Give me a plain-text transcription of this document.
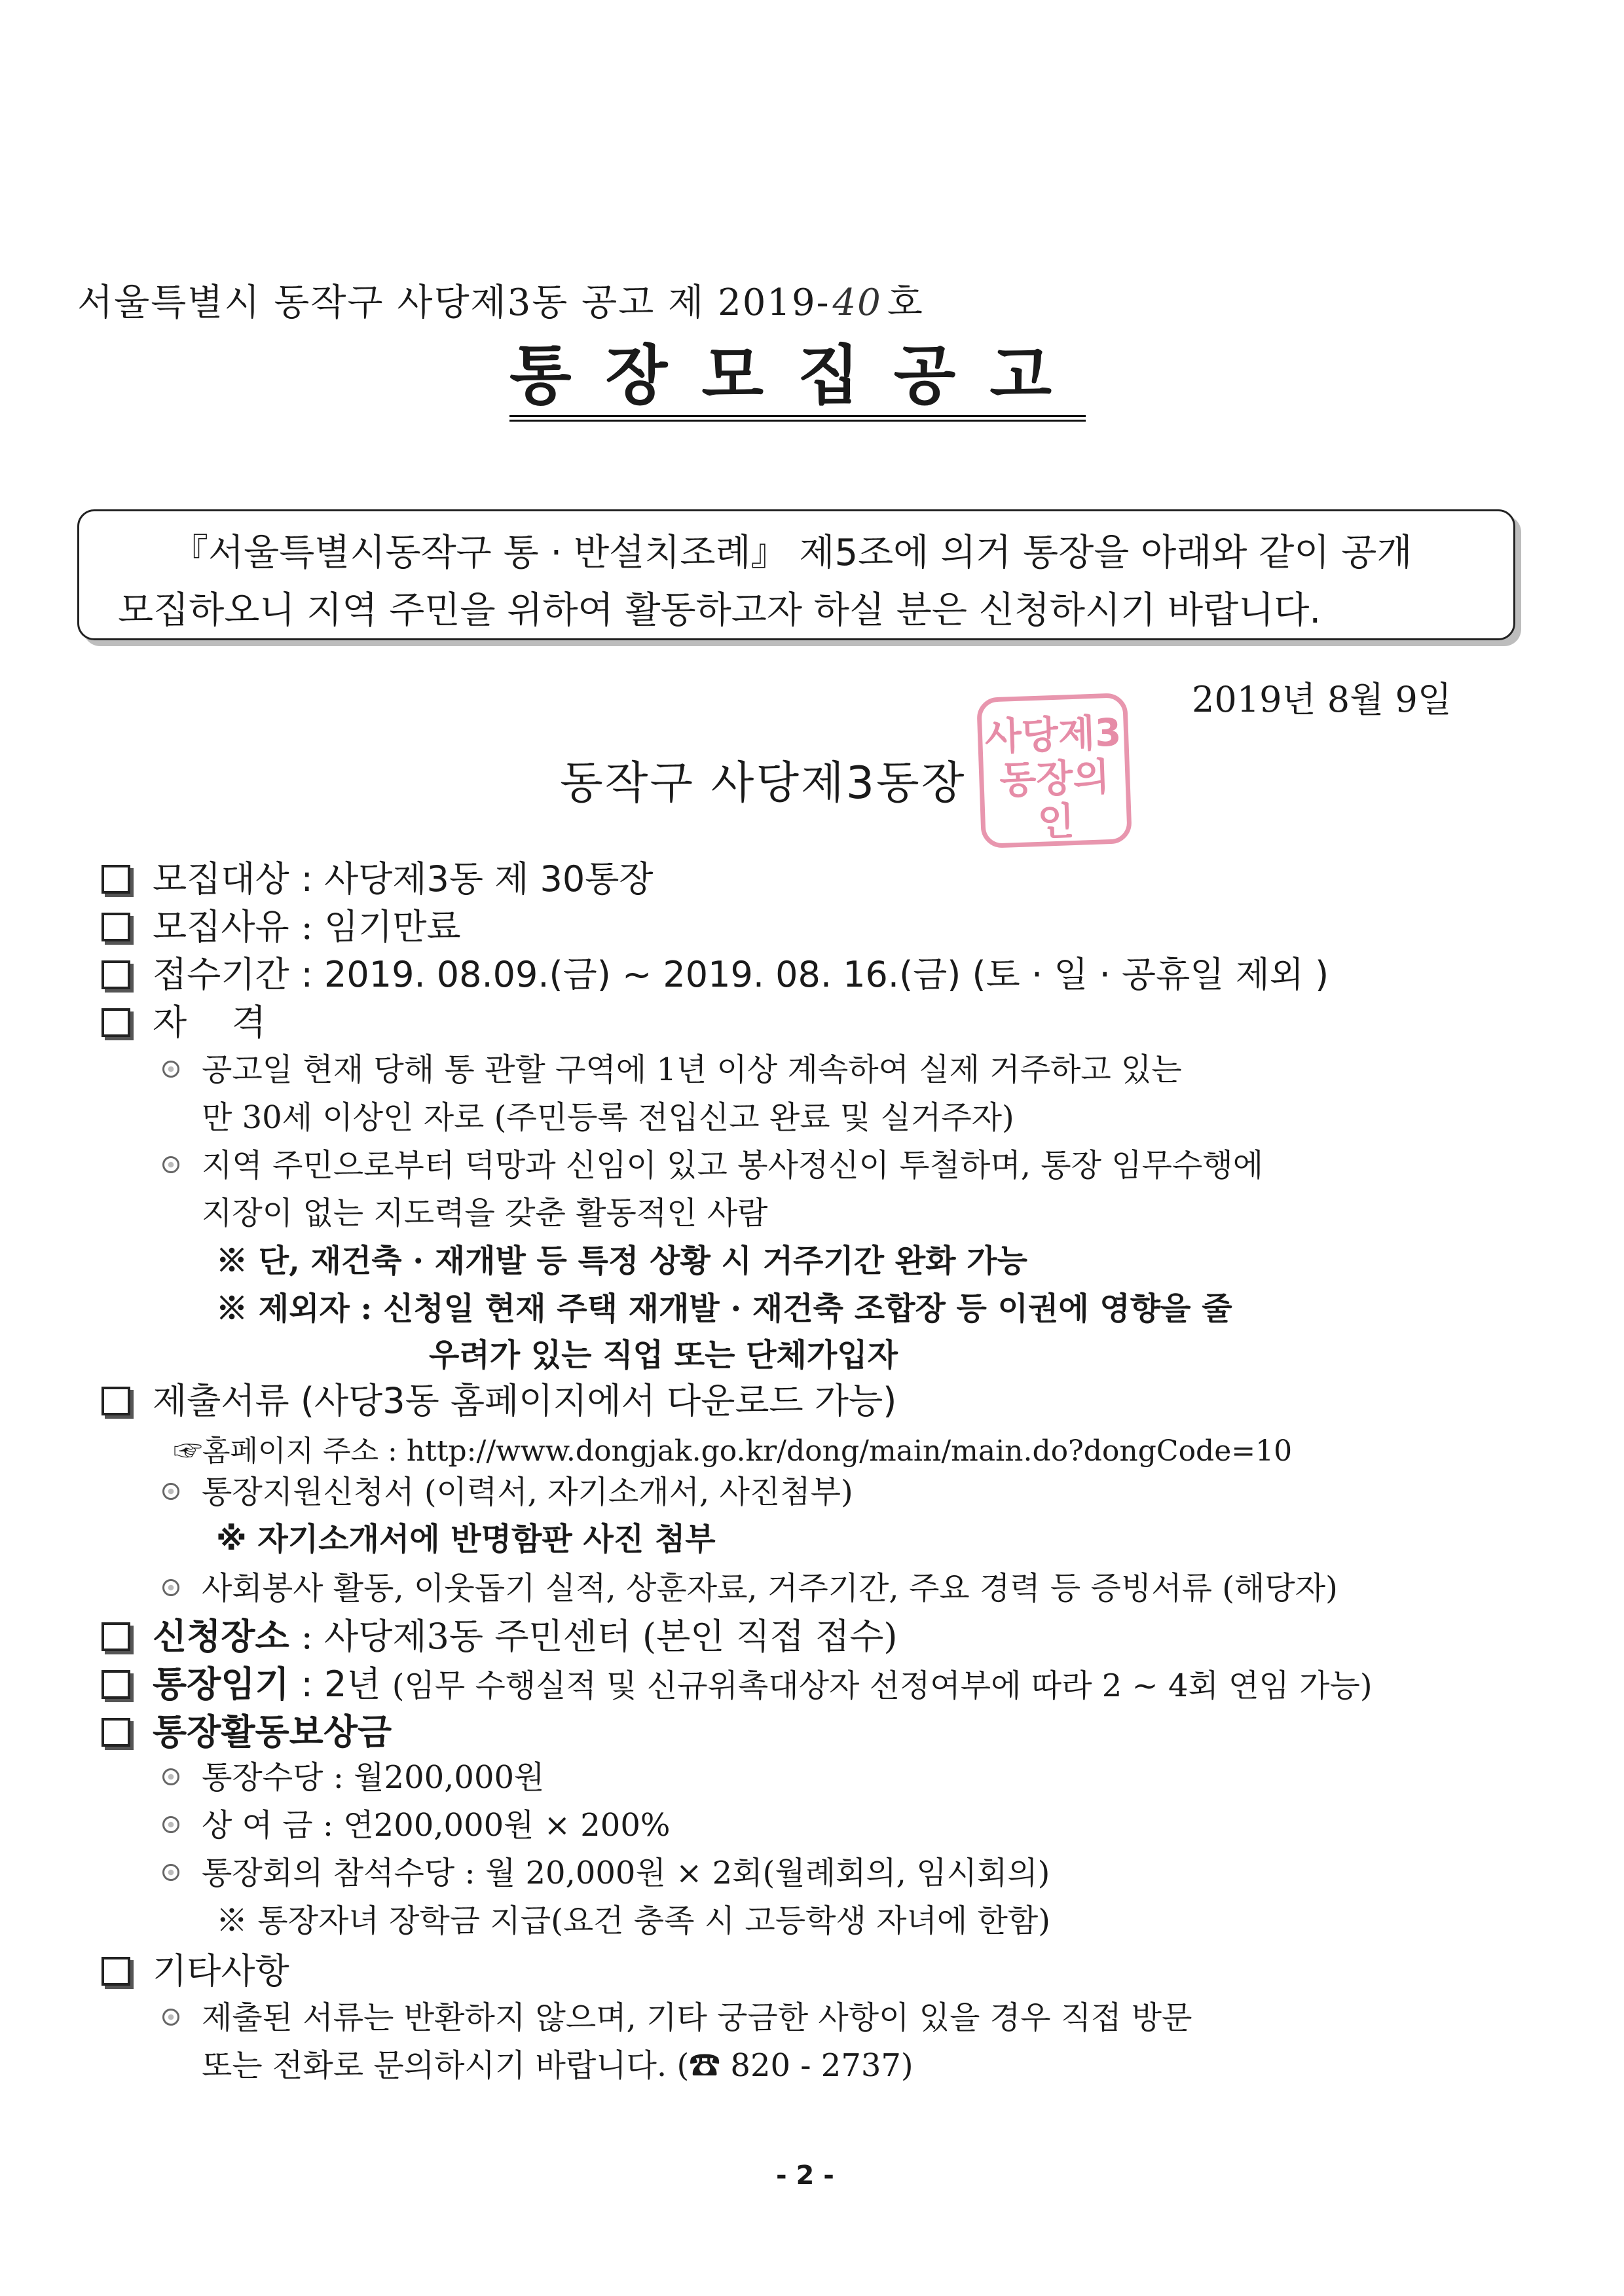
서울특별시 동작구 사당제3동 공고 제 2019-40 호
통장모집공고
『서울특별시동작구 통 · 반설치조례』 제5조에 의거 통장을 아래와 같이 공개
모집하오니 지역 주민을 위하여 활동하고자 하실 분은 신청하시기 바랍니다.
2019년 8월 9일
동작구 사당제3동장
사당제3
동장의인
모집대상 : 사당제3동 제 30통장
모집사유 : 임기만료
접수기간 : 2019. 08.09.(금) ~ 2019. 08. 16.(금) (토 · 일 · 공휴일 제외 )
자    격
공고일 현재 당해 통 관할 구역에 1년 이상 계속하여 실제 거주하고 있는
만 30세 이상인 자로 (주민등록 전입신고 완료 및 실거주자)
지역 주민으로부터 덕망과 신임이 있고 봉사정신이 투철하며, 통장 임무수행에
지장이 없는 지도력을 갖춘 활동적인 사람
※ 단, 재건축 · 재개발 등 특정 상황 시 거주기간 완화 가능
※ 제외자 : 신청일 현재 주택 재개발 · 재건축 조합장 등 이권에 영향을 줄
우려가 있는 직업 또는 단체가입자
제출서류 (사당3동 홈페이지에서 다운로드 가능)
☞홈페이지 주소 : http://www.dongjak.go.kr/dong/main/main.do?dongCode=10
통장지원신청서 (이력서, 자기소개서, 사진첨부)
※ 자기소개서에 반명함판 사진 첨부
사회봉사 활동, 이웃돕기 실적, 상훈자료, 거주기간, 주요 경력 등 증빙서류 (해당자)
신청장소 : 사당제3동 주민센터 (본인 직접 접수)
통장임기 : 2년 (임무 수행실적 및 신규위촉대상자 선정여부에 따라 2 ~ 4회 연임 가능)
통장활동보상금
통장수당 : 월200,000원
상 여 금 : 연200,000원 × 200%
통장회의 참석수당 : 월 20,000원 × 2회(월례회의, 임시회의)
※ 통장자녀 장학금 지급(요건 충족 시 고등학생 자녀에 한함)
기타사항
제출된 서류는 반환하지 않으며, 기타 궁금한 사항이 있을 경우 직접 방문
또는 전화로 문의하시기 바랍니다. (☎ 820 - 2737)
- 2 -
